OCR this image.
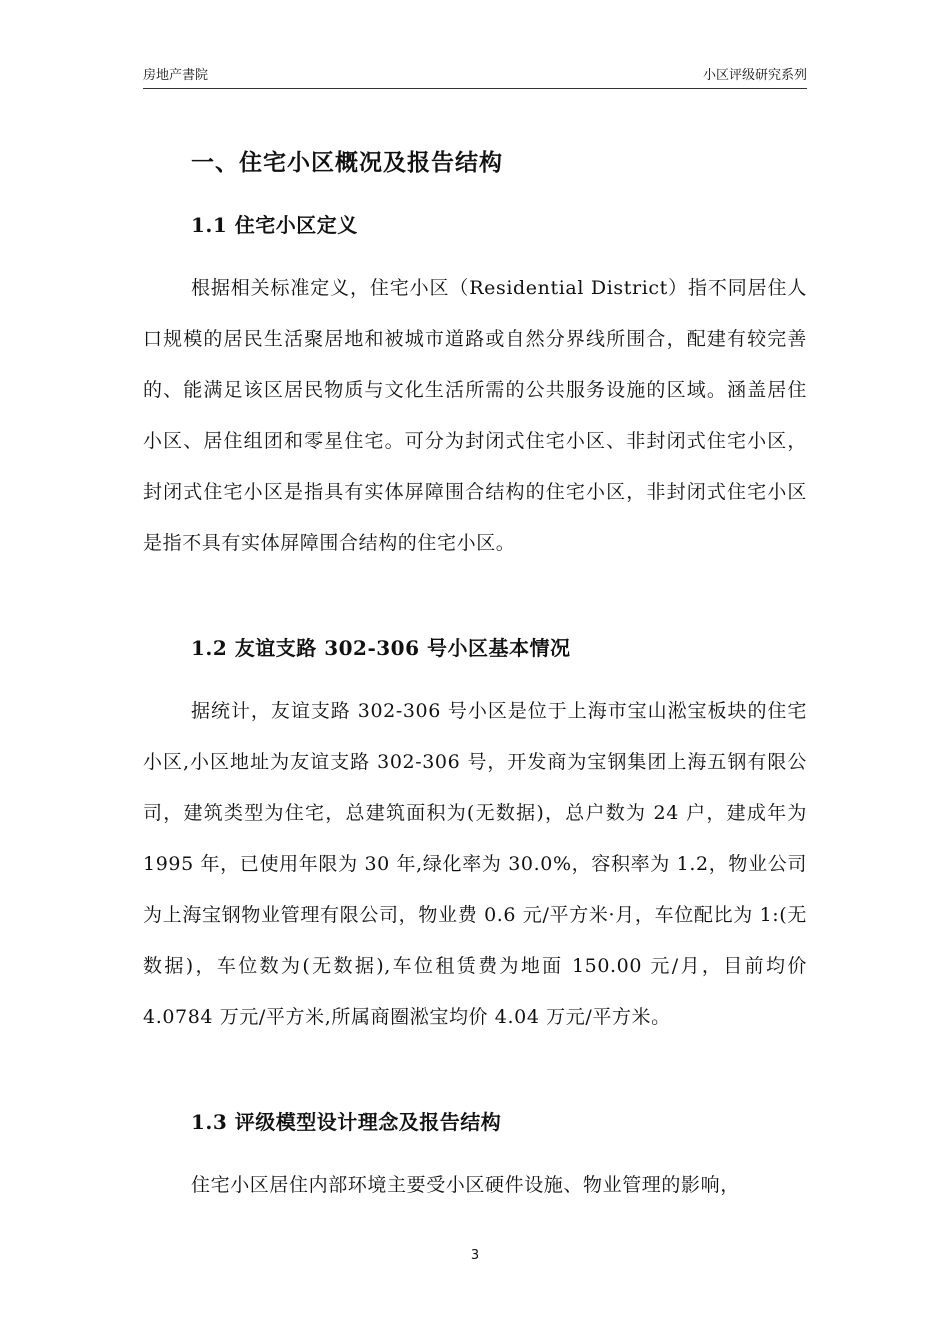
房地产書院	小区评级研究系列
一、住宅小区概况及报告结构
1.1 住宅小区定义

根据相关标准定义，住宅小区（Residential District）指不同居住人口规模的居民生活聚居地和被城市道路或自然分界线所围合，配建有较完善的、能满足该区居民物质与文化生活所需的公共服务设施的区域。涵盖居住小区、居住组团和零星住宅。可分为封闭式住宅小区、非封闭式住宅小区，封闭式住宅小区是指具有实体屏障围合结构的住宅小区，非封闭式住宅小区是指不具有实体屏障围合结构的住宅小区。

1.2 友谊支路 302-306 号小区基本情况

据统计，友谊支路 302-306 号小区是位于上海市宝山淞宝板块的住宅小区,小区地址为友谊支路 302-306 号，开发商为宝钢集团上海五钢有限公司，建筑类型为住宅，总建筑面积为(无数据)，总户数为 24 户，建成年为 1995 年，已使用年限为 30 年,绿化率为 30.0%，容积率为 1.2，物业公司为上海宝钢物业管理有限公司，物业费 0.6 元/平方米·月，车位配比为 1:(无数据)，车位数为(无数据),车位租赁费为地面 150.00 元/月，目前均价 4.0784 万元/平方米,所属商圈淞宝均价 4.04 万元/平方米。

1.3 评级模型设计理念及报告结构

住宅小区居住内部环境主要受小区硬件设施、物业管理的影响，

3
